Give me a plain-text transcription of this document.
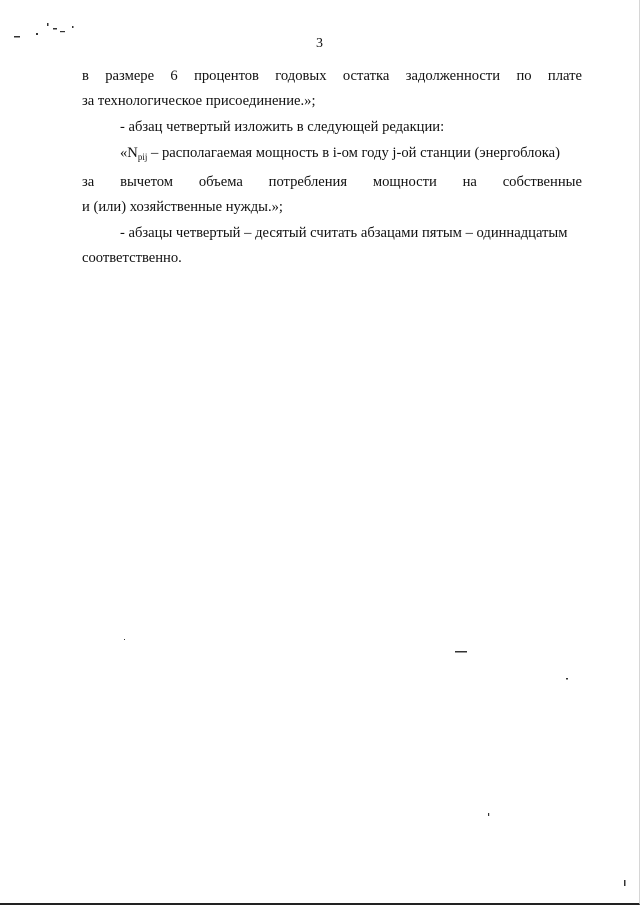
3

в размере 6 процентов годовых остатка задолженности по плате
за технологическое присоединение.»;

- абзац четвертый изложить в следующей редакции:

«$N_{pij}$ – располагаемая мощность в i-ом году j-ой станции (энергоблока)
за вычетом объема потребления мощности на собственные
и (или) хозяйственные нужды.»;

- абзацы четвертый – десятый считать абзацами пятым – одиннадцатым
соответственно.
